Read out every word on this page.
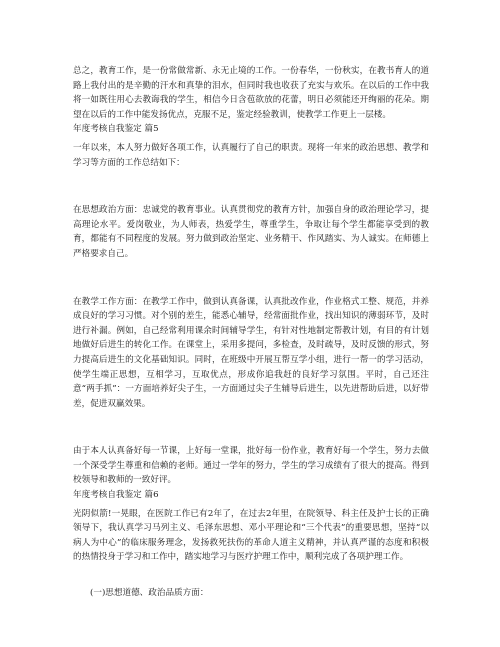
总之，教育工作，是一份常做常新、永无止境的工作。一份春华，一份秋实，在教书育人的道路上我付出的是辛勤的汗水和真挚的泪水，但同时我也收获了充实与欢乐。在以后的工作中我将一如既往用心去教诲我的学生，相信今日含苞欲放的花蕾，明日必须能还开绚丽的花朵。期望在以后的工作中能发扬优点，克服不足，鉴定经验教训，使教学工作更上一层楼。

年度考核自我鉴定 篇5

一年以来，本人努力做好各项工作，认真履行了自己的职责。现将一年来的政治思想、教学和学习等方面的工作总结如下：

在思想政治方面：忠诚党的教育事业。认真贯彻党的教育方针，加强自身的政治理论学习，提高理论水平。爱岗敬业，为人师表，热爱学生，尊重学生，争取让每个学生都能享受到的教育，都能有不同程度的发展。努力做到政治坚定、业务精干、作风踏实、为人诚实。在师德上严格要求自己。

在教学工作方面：在教学工作中，做到认真备课，认真批改作业，作业格式工整、规范，并养成良好的学习习惯。对个别的差生，能悉心辅导，经常面批作业，找出知识的薄弱环节，及时进行补漏。例如，自己经常利用课余时间辅导学生，有针对性地制定帮教计划，有目的有计划地做好后进生的转化工作。在课堂上，采用多提问，多检查，及时疏导，及时反馈的形式，努力提高后进生的文化基础知识。同时，在班级中开展互帮互学小组，进行一帮一的学习活动，使学生端正思想，互相学习，互取优点，形成你追我赶的良好学习氛围。平时，自己还注意“两手抓”：一方面培养好尖子生，一方面通过尖子生辅导后进生，以先进帮助后进，以好带差，促进双赢效果。

由于本人认真备好每一节课，上好每一堂课，批好每一份作业，教育好每一个学生，努力去做一个深受学生尊重和信赖的老师。通过一学年的努力，学生的学习成绩有了很大的提高。得到校领导和教师的一致好评。

年度考核自我鉴定 篇6

光阴似箭!一晃眼，在医院工作已有2年了，在过去2年里，在院领导、科主任及护士长的正确领导下，我认真学习马列主义、毛泽东思想、邓小平理论和“三个代表”的重要思想，坚持“以病人为中心”的临床服务理念，发扬救死扶伤的革命人道主义精神，并认真严谨的态度和积极的热情投身于学习和工作中，踏实地学习与医疗护理工作中，顺利完成了各项护理工作。

(一)思想道德、政治品质方面：
